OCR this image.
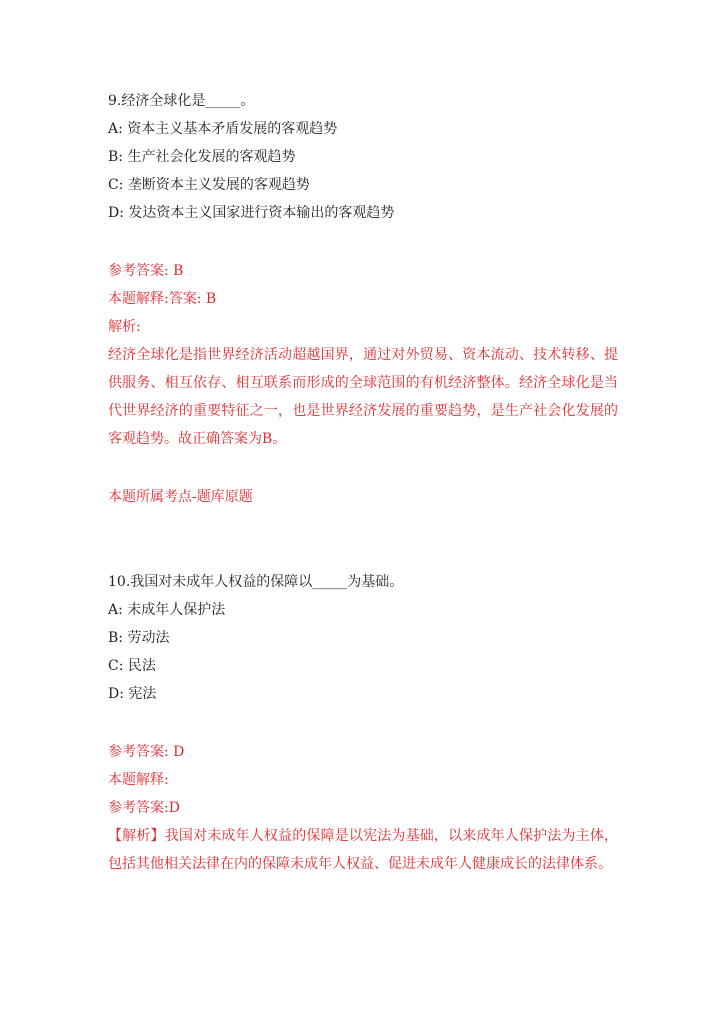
9.经济全球化是_____。
A: 资本主义基本矛盾发展的客观趋势
B: 生产社会化发展的客观趋势
C: 垄断资本主义发展的客观趋势
D: 发达资本主义国家进行资本输出的客观趋势
参考答案: B
本题解释:答案: B
解析:
经济全球化是指世界经济活动超越国界，通过对外贸易、资本流动、技术转移、提供服务、相互依存、相互联系而形成的全球范围的有机经济整体。经济全球化是当代世界经济的重要特征之一，也是世界经济发展的重要趋势，是生产社会化发展的客观趋势。故正确答案为B。
本题所属考点-题库原题
10.我国对未成年人权益的保障以_____为基础。
A: 未成年人保护法
B: 劳动法
C: 民法
D: 宪法
参考答案: D
本题解释:
参考答案:D
【解析】我国对未成年人权益的保障是以宪法为基础，以来成年人保护法为主体，包括其他相关法律在内的保障未成年人权益、促进未成年人健康成长的法律体系。
